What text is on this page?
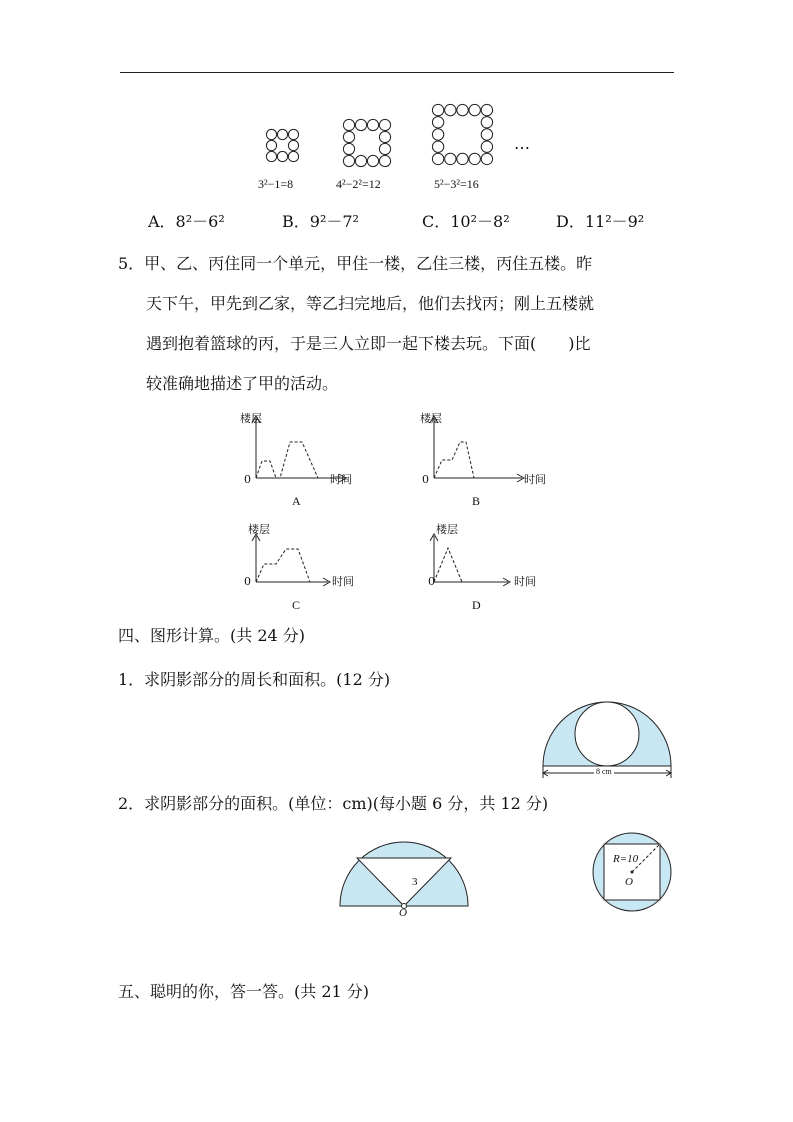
3²−1=8	4²−2²=12	5²−3²=16
…
A．8²－6²	B．9²－7²	C．10²－8²	D．11²－9²
5．甲、乙、丙住同一个单元，甲住一楼，乙住三楼，丙住五楼。昨
天下午，甲先到乙家，等乙扫完地后，他们去找丙；刚上五楼就
遇到抱着篮球的丙，于是三人立即一起下楼去玩。下面(　　)比
较准确地描述了甲的活动。
楼层
时间
0
A
楼层
时间
0
B
楼层
时间
0
C
楼层
时间
0
D
四、图形计算。(共 24 分)
1．求阴影部分的周长和面积。(12 分)
8 cm
2．求阴影部分的面积。(单位：cm)(每小题 6 分，共 12 分)
3
O
R=10
O
五、聪明的你，答一答。(共 21 分)
